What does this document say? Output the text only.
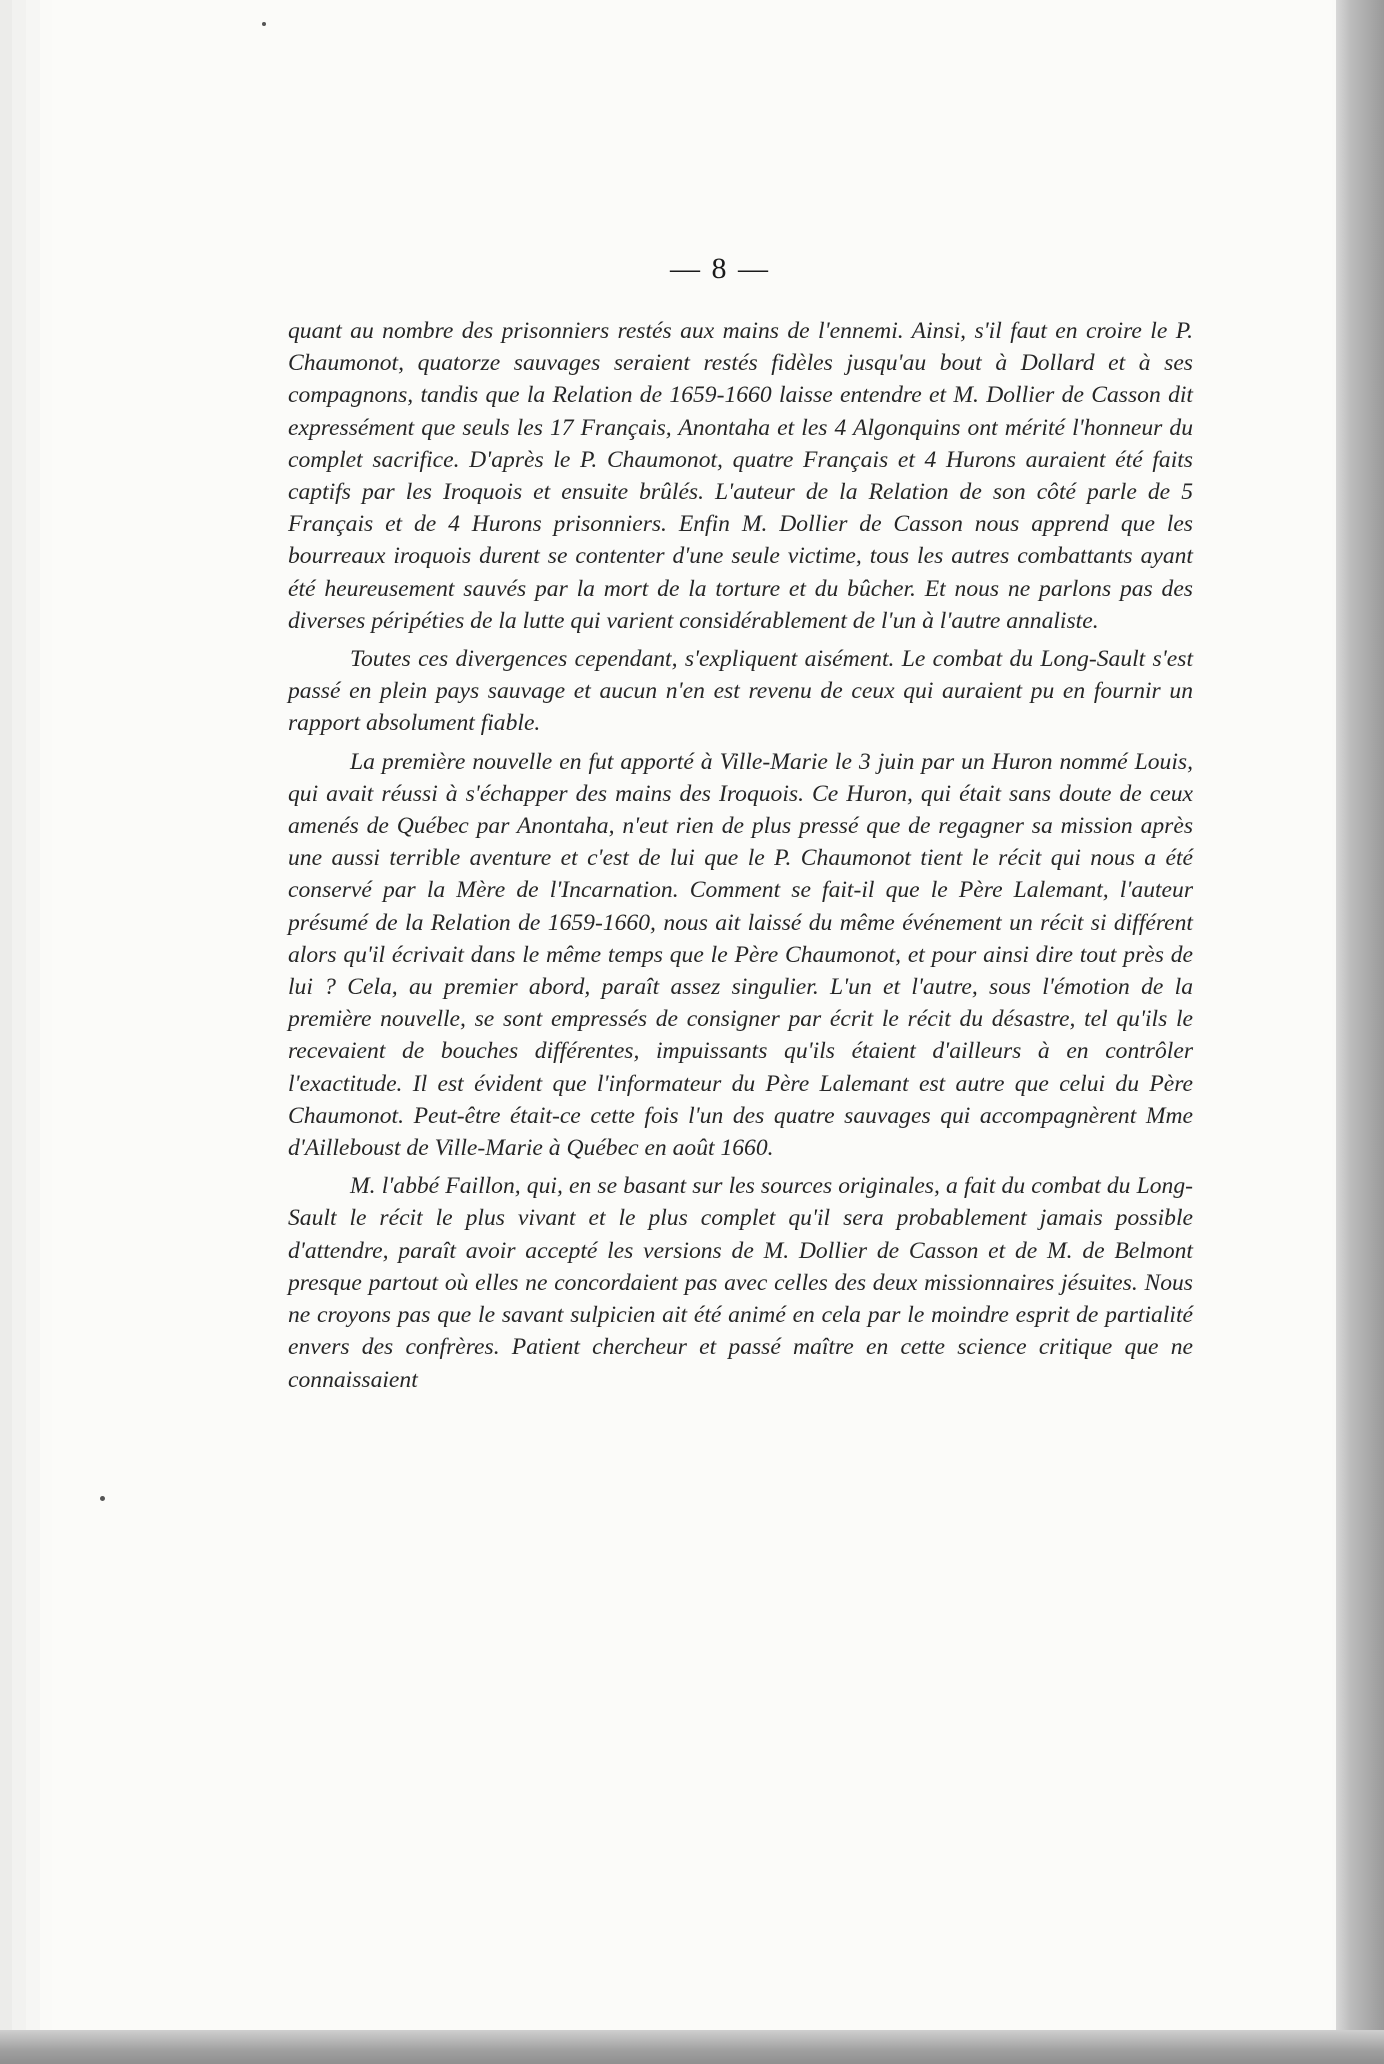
— 8 —

quant au nombre des prisonniers restés aux mains de l'ennemi. Ainsi, s'il faut en croire le P. Chaumonot, quatorze sauvages seraient restés fidèles jusqu'au bout à Dollard et à ses compagnons, tandis que la Relation de 1659-1660 laisse entendre et M. Dollier de Casson dit expressément que seuls les 17 Français, Anontaha et les 4 Algonquins ont mérité l'honneur du complet sacrifice. D'après le P. Chaumonot, quatre Français et 4 Hurons auraient été faits captifs par les Iroquois et ensuite brûlés. L'auteur de la Relation de son côté parle de 5 Français et de 4 Hurons prisonniers. Enfin M. Dollier de Casson nous apprend que les bourreaux iroquois durent se contenter d'une seule victime, tous les autres combattants ayant été heureusement sauvés par la mort de la torture et du bûcher. Et nous ne parlons pas des diverses péripéties de la lutte qui varient considérablement de l'un à l'autre annaliste.

Toutes ces divergences cependant, s'expliquent aisément. Le combat du Long-Sault s'est passé en plein pays sauvage et aucun n'en est revenu de ceux qui auraient pu en fournir un rapport absolument fiable.

La première nouvelle en fut apporté à Ville-Marie le 3 juin par un Huron nommé Louis, qui avait réussi à s'échapper des mains des Iroquois. Ce Huron, qui était sans doute de ceux amenés de Québec par Anontaha, n'eut rien de plus pressé que de regagner sa mission après une aussi terrible aventure et c'est de lui que le P. Chaumonot tient le récit qui nous a été conservé par la Mère de l'Incarnation. Comment se fait-il que le Père Lalemant, l'auteur présumé de la Relation de 1659-1660, nous ait laissé du même événement un récit si différent alors qu'il écrivait dans le même temps que le Père Chaumonot, et pour ainsi dire tout près de lui ? Cela, au premier abord, paraît assez singulier. L'un et l'autre, sous l'émotion de la première nouvelle, se sont empressés de consigner par écrit le récit du désastre, tel qu'ils le recevaient de bouches différentes, impuissants qu'ils étaient d'ailleurs à en contrôler l'exactitude. Il est évident que l'informateur du Père Lalemant est autre que celui du Père Chaumonot. Peut-être était-ce cette fois l'un des quatre sauvages qui accompagnèrent Mme d'Ailleboust de Ville-Marie à Québec en août 1660.

M. l'abbé Faillon, qui, en se basant sur les sources originales, a fait du combat du Long-Sault le récit le plus vivant et le plus complet qu'il sera probablement jamais possible d'attendre, paraît avoir accepté les versions de M. Dollier de Casson et de M. de Belmont presque partout où elles ne concordaient pas avec celles des deux missionnaires jésuites. Nous ne croyons pas que le savant sulpicien ait été animé en cela par le moindre esprit de partialité envers des confrères. Patient chercheur et passé maître en cette science critique que ne connaissaient
